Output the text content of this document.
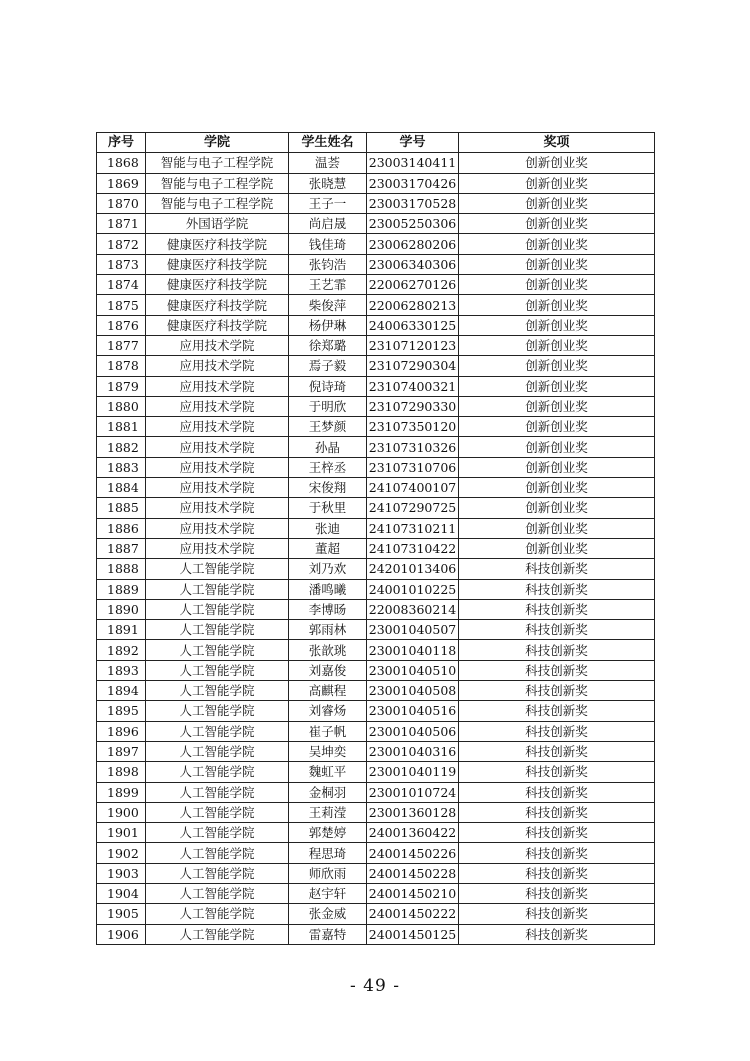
序号	学院	学生姓名	学号	奖项
1868	智能与电子工程学院	温荟	23003140411	创新创业奖
1869	智能与电子工程学院	张晓慧	23003170426	创新创业奖
1870	智能与电子工程学院	王子一	23003170528	创新创业奖
1871	外国语学院	尚启晟	23005250306	创新创业奖
1872	健康医疗科技学院	钱佳琦	23006280206	创新创业奖
1873	健康医疗科技学院	张钧浩	23006340306	创新创业奖
1874	健康医疗科技学院	王艺霏	22006270126	创新创业奖
1875	健康医疗科技学院	柴俊萍	22006280213	创新创业奖
1876	健康医疗科技学院	杨伊琳	24006330125	创新创业奖
1877	应用技术学院	徐郑璐	23107120123	创新创业奖
1878	应用技术学院	焉子毅	23107290304	创新创业奖
1879	应用技术学院	倪诗琦	23107400321	创新创业奖
1880	应用技术学院	于明欣	23107290330	创新创业奖
1881	应用技术学院	王梦颜	23107350120	创新创业奖
1882	应用技术学院	孙晶	23107310326	创新创业奖
1883	应用技术学院	王梓丞	23107310706	创新创业奖
1884	应用技术学院	宋俊翔	24107400107	创新创业奖
1885	应用技术学院	于秋里	24107290725	创新创业奖
1886	应用技术学院	张迪	24107310211	创新创业奖
1887	应用技术学院	董超	24107310422	创新创业奖
1888	人工智能学院	刘乃欢	24201013406	科技创新奖
1889	人工智能学院	潘鸣曦	24001010225	科技创新奖
1890	人工智能学院	李博旸	22008360214	科技创新奖
1891	人工智能学院	郭雨林	23001040507	科技创新奖
1892	人工智能学院	张歆珧	23001040118	科技创新奖
1893	人工智能学院	刘嘉俊	23001040510	科技创新奖
1894	人工智能学院	高麒程	23001040508	科技创新奖
1895	人工智能学院	刘睿炀	23001040516	科技创新奖
1896	人工智能学院	崔子帆	23001040506	科技创新奖
1897	人工智能学院	吴坤奕	23001040316	科技创新奖
1898	人工智能学院	魏虹平	23001040119	科技创新奖
1899	人工智能学院	金桐羽	23001010724	科技创新奖
1900	人工智能学院	王莉滢	23001360128	科技创新奖
1901	人工智能学院	郭楚婷	24001360422	科技创新奖
1902	人工智能学院	程思琦	24001450226	科技创新奖
1903	人工智能学院	师欣雨	24001450228	科技创新奖
1904	人工智能学院	赵宇轩	24001450210	科技创新奖
1905	人工智能学院	张金威	24001450222	科技创新奖
1906	人工智能学院	雷嘉特	24001450125	科技创新奖
- 49 -
